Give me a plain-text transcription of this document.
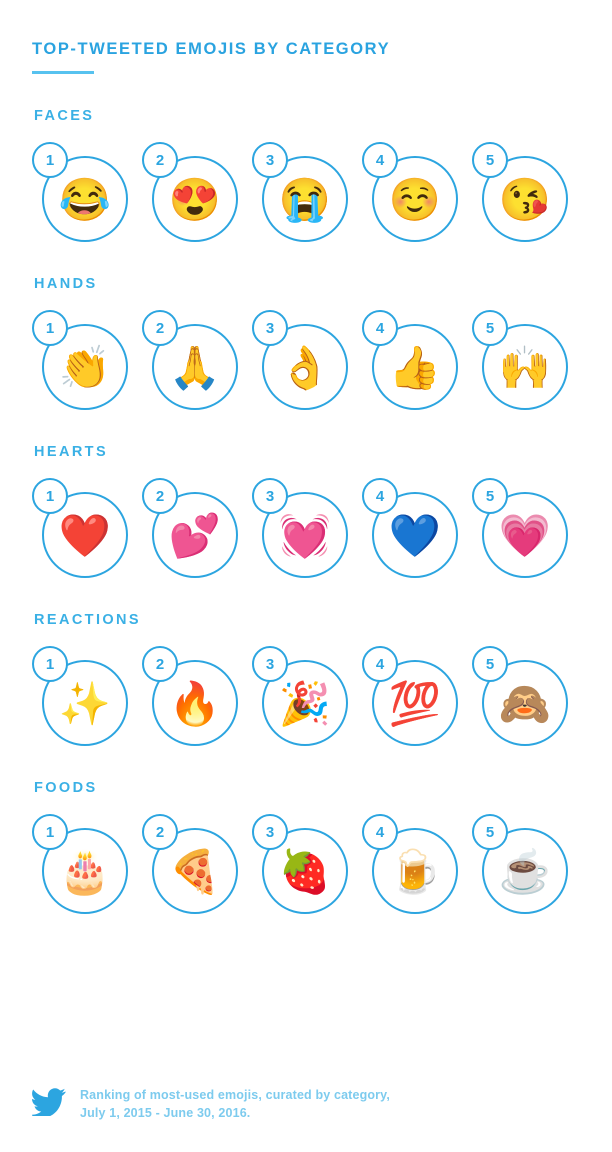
TOP-TWEETED EMOJIS BY CATEGORY
FACES
😂
1
😍
2
😭
3
☺️
4
😘
5
HANDS
👏
1
🙏
2
👌
3
👍
4
🙌
5
HEARTS
❤️
1
💕
2
💓
3
💙
4
💗
5
REACTIONS
✨
1
🔥
2
🎉
3
💯
4
🙈
5
FOODS
🎂
1
🍕
2
🍓
3
🍺
4
☕
5
Ranking of most-used emojis, curated by category,
July 1, 2015 - June 30, 2016.
